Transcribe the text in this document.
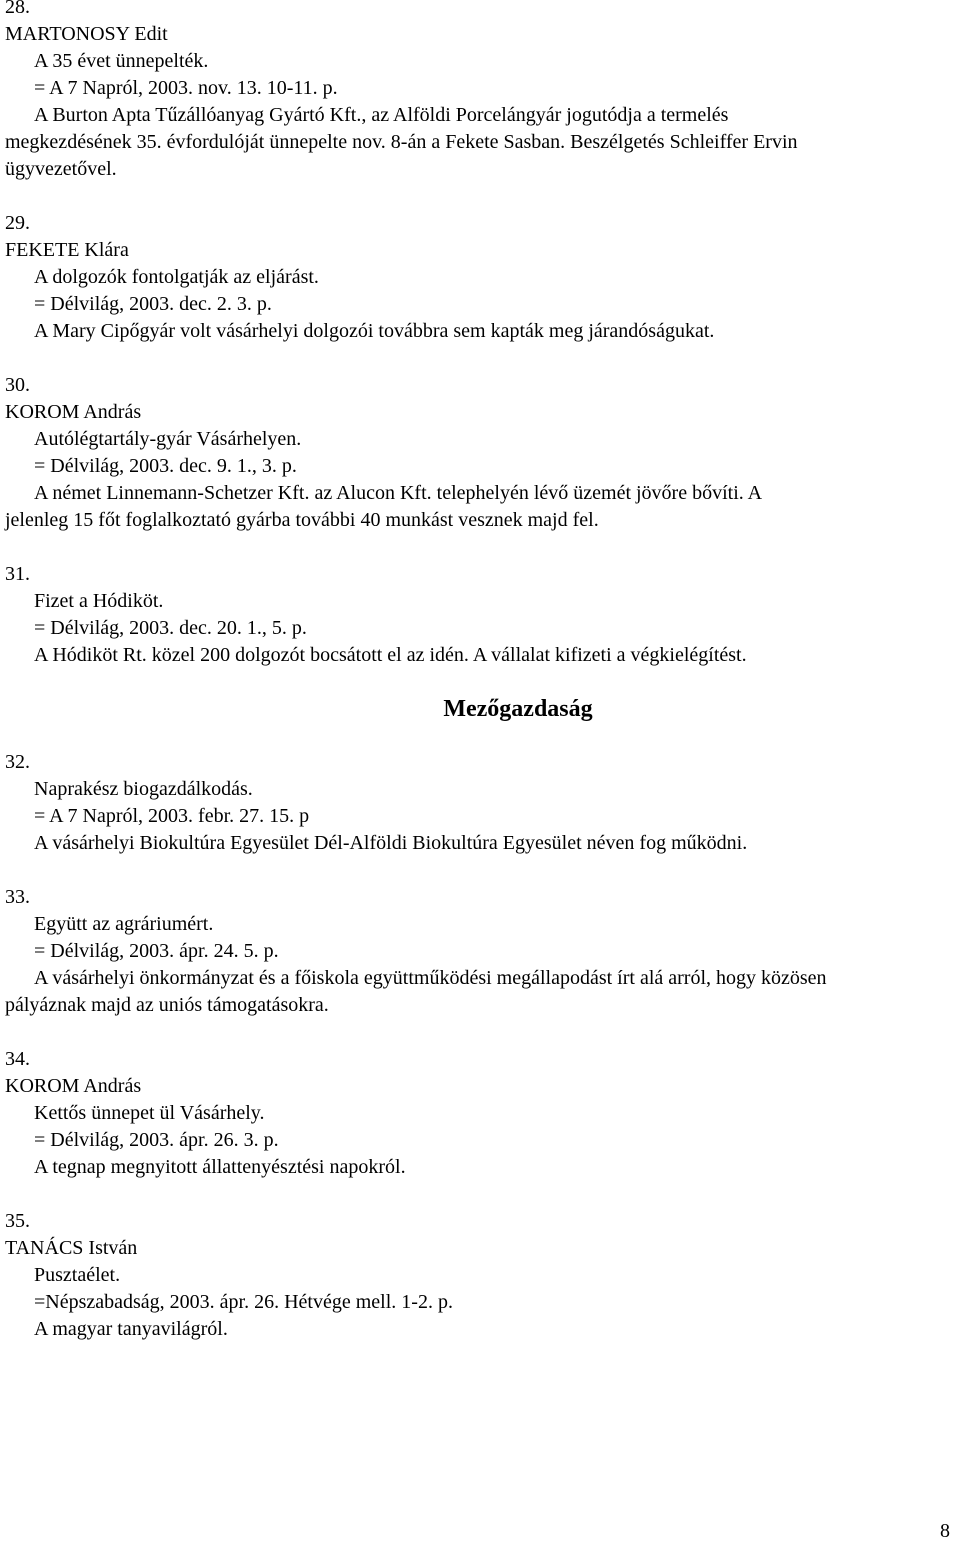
28.
MARTONOSY Edit
A 35 évet ünnepelték.
= A 7 Napról, 2003. nov. 13. 10-11. p.
A Burton Apta Tűzállóanyag Gyártó Kft., az Alföldi Porcelángyár jogutódja a termelés
megkezdésének 35. évfordulóját ünnepelte nov. 8-án a Fekete Sasban. Beszélgetés Schleiffer Ervin
ügyvezetővel.
29.
FEKETE Klára
A dolgozók fontolgatják az eljárást.
= Délvilág, 2003. dec. 2. 3. p.
A Mary Cipőgyár volt vásárhelyi dolgozói továbbra sem kapták meg járandóságukat.
30.
KOROM András
Autólégtartály-gyár Vásárhelyen.
= Délvilág, 2003. dec. 9. 1., 3. p.
A német Linnemann-Schetzer Kft. az Alucon Kft. telephelyén lévő üzemét jövőre bővíti. A
jelenleg 15 főt foglalkoztató gyárba további 40 munkást vesznek majd fel.
31.
Fizet a Hódiköt.
= Délvilág, 2003. dec. 20. 1., 5. p.
A Hódiköt Rt. közel 200 dolgozót bocsátott el az idén. A vállalat kifizeti a végkielégítést.
Mezőgazdaság
32.
Naprakész biogazdálkodás.
= A 7 Napról, 2003. febr. 27. 15. p
A vásárhelyi Biokultúra Egyesület Dél-Alföldi Biokultúra Egyesület néven fog működni.
33.
Együtt az agráriumért.
= Délvilág, 2003. ápr. 24. 5. p.
A vásárhelyi önkormányzat és a főiskola együttműködési megállapodást írt alá arról, hogy közösen
pályáznak majd az uniós támogatásokra.
34.
KOROM András
Kettős ünnepet ül Vásárhely.
= Délvilág, 2003. ápr. 26. 3. p.
A tegnap megnyitott állattenyésztési napokról.
35.
TANÁCS István
Pusztaélet.
=Népszabadság, 2003. ápr. 26. Hétvége mell. 1-2. p.
A magyar tanyavilágról.
8
